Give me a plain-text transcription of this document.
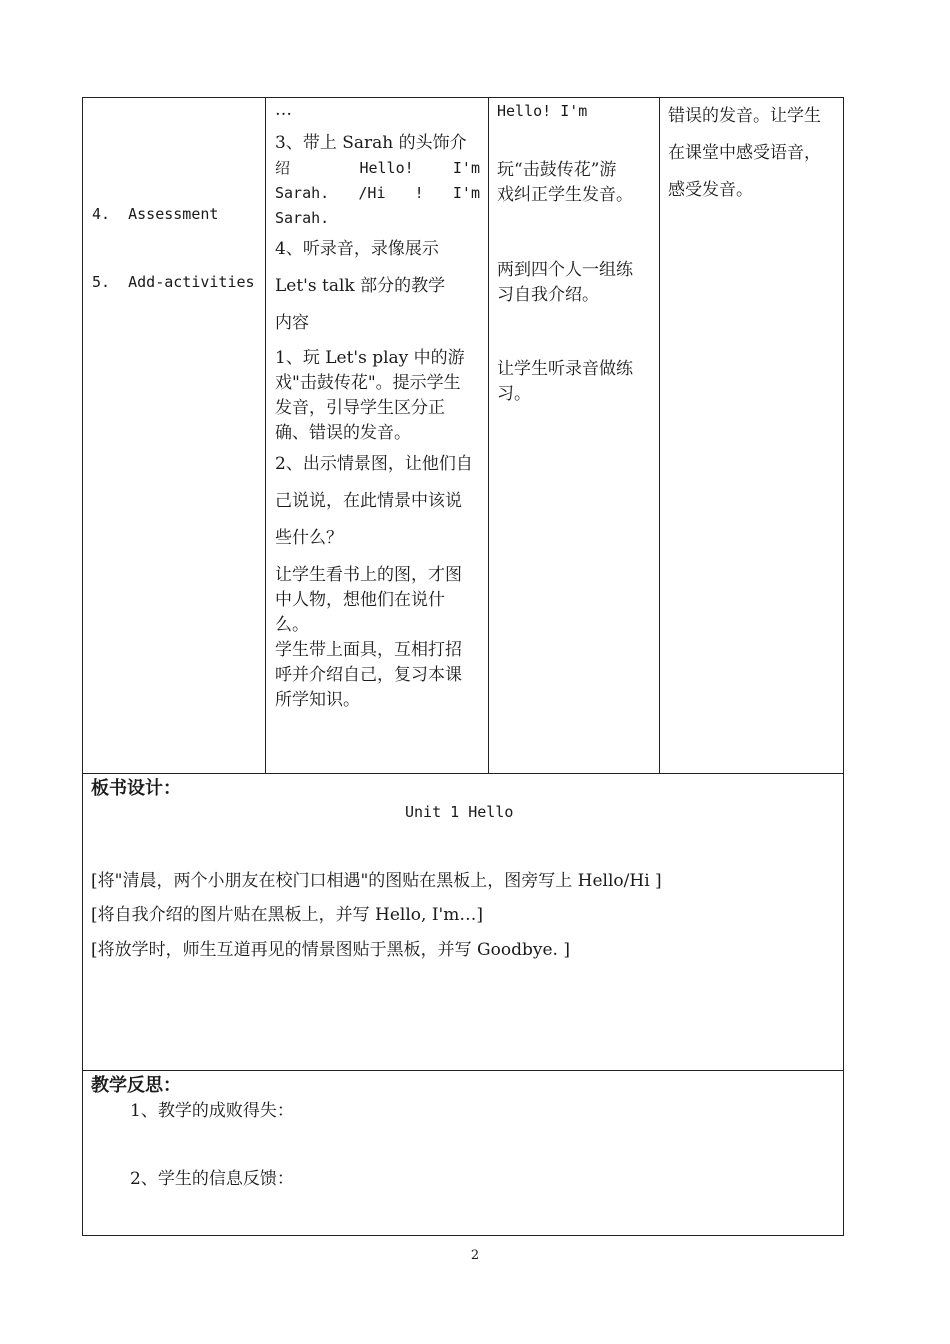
4.  Assessment
5.  Add-activities

…

3、带上 Sarah 的头饰介

绍 Hello! I'm

Sarah. /Hi ! I'm

Sarah.

4、听录音，录像展示

Let's talk 部分的教学

内容

1、玩 Let's play 中的游

戏"击鼓传花"。提示学生

发音，引导学生区分正

确、错误的发音。

2、出示情景图，让他们自

己说说，在此情景中该说

些什么？

让学生看书上的图，才图

中人物，想他们在说什

么。

学生带上面具，互相打招

呼并介绍自己，复习本课

所学知识。

Hello! I'm
玩“击鼓传花”游
戏纠正学生发音。
两到四个人一组练
习自我介绍。
让学生听录音做练
习。
错误的发音。让学生
在课堂中感受语音，
感受发音。
板书设计：
Unit 1 Hello
[将"清晨，两个小朋友在校门口相遇"的图贴在黑板上，图旁写上 Hello/Hi ]
[将自我介绍的图片贴在黑板上，并写 Hello, I'm…]
[将放学时，师生互道再见的情景图贴于黑板，并写 Goodbye. ]
教学反思：
1、教学的成败得失：
2、学生的信息反馈：
2
